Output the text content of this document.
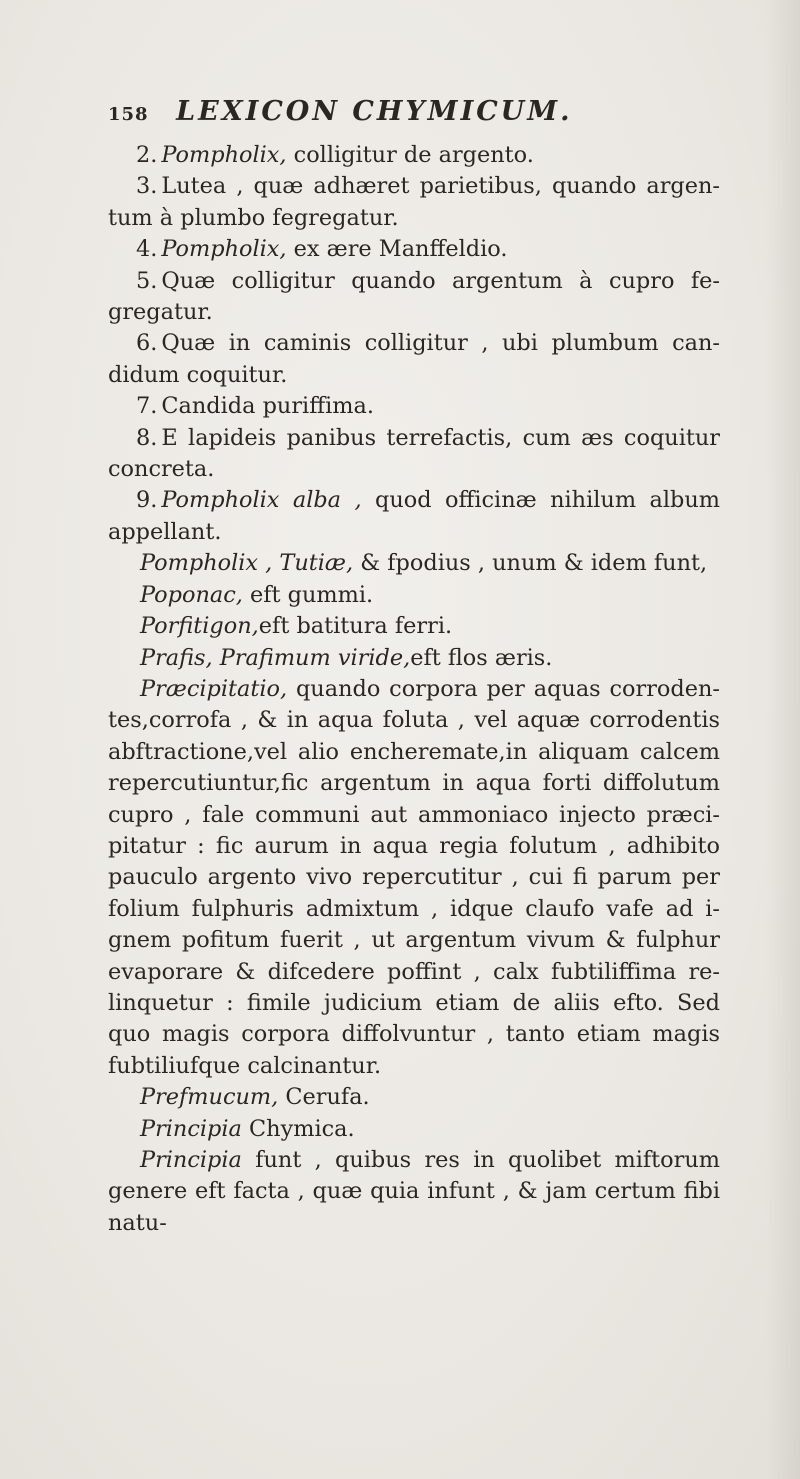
158 LEXICON CHYMICUM.

2. Pompholix, colligitur de argento.

3. Lutea , quæ adhæret parietibus, quando argen- tum à plumbo fegregatur.

4. Pompholix, ex ære Manffeldio.

5. Quæ colligitur quando argentum à cupro fe- gregatur.

6. Quæ in caminis colligitur , ubi plumbum can- didum coquitur.

7. Candida puriffima.

8. E lapideis panibus terrefactis, cum æs coquitur concreta.

9. Pompholix alba , quod officinæ nihilum album appellant.

Pompholix , Tutiæ, & fpodius , unum & idem funt,

Poponac, eft gummi.

Porfitigon,eft batitura ferri.

Prafis, Prafimum viride,eft flos æris.

Præcipitatio, quando corpora per aquas corroden- tes,corrofa , & in aqua foluta , vel aquæ corrodentis abftractione,vel alio encheremate,in aliquam calcem repercutiuntur,fic argentum in aqua forti diffolutum cupro , fale communi aut ammoniaco injecto præci- pitatur : fic aurum in aqua regia folutum , adhibito pauculo argento vivo repercutitur , cui fi parum per folium fulphuris admixtum , idque claufo vafe ad i- gnem pofitum fuerit , ut argentum vivum & fulphur evaporare & difcedere poffint , calx fubtiliffima re- linquetur : fimile judicium etiam de aliis efto. Sed quo magis corpora diffolvuntur , tanto etiam magis fubtiliufque calcinantur.

Prefmucum, Cerufa.

Principia Chymica.

Principia funt , quibus res in quolibet miftorum genere eft facta , quæ quia infunt , & jam certum fibi natu-
